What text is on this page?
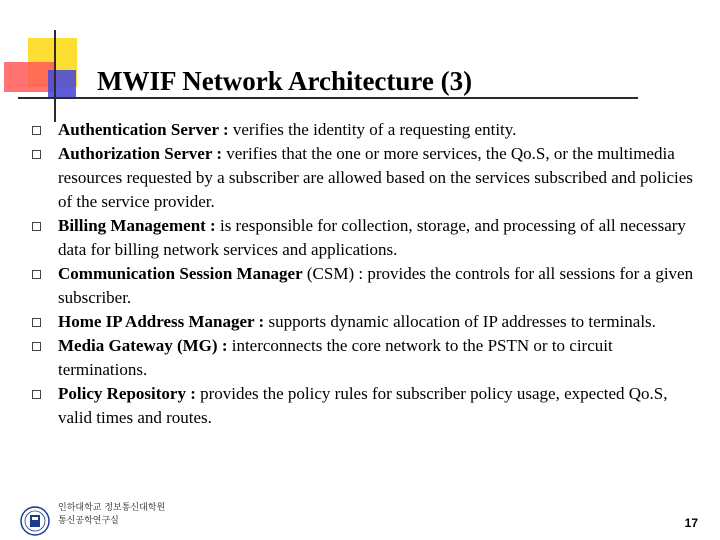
MWIF Network Architecture (3)
Authentication Server : verifies the identity of a requesting entity.
Authorization Server : verifies that the one or more services, the Qo.S, or the multimedia resources requested by a subscriber are allowed based on the services subscribed and policies of the service provider.
Billing Management : is responsible for collection, storage, and processing of all necessary data for billing network services and applications.
Communication Session Manager (CSM) : provides the controls for all sessions for a given subscriber.
Home IP Address Manager : supports dynamic allocation of IP addresses to terminals.
Media Gateway (MG) : interconnects the core network to the PSTN or to circuit terminations.
Policy Repository : provides the policy rules for subscriber policy usage, expected Qo.S, valid times and routes.
인하대학교 정보통신대학원
통신공학연구실	17
